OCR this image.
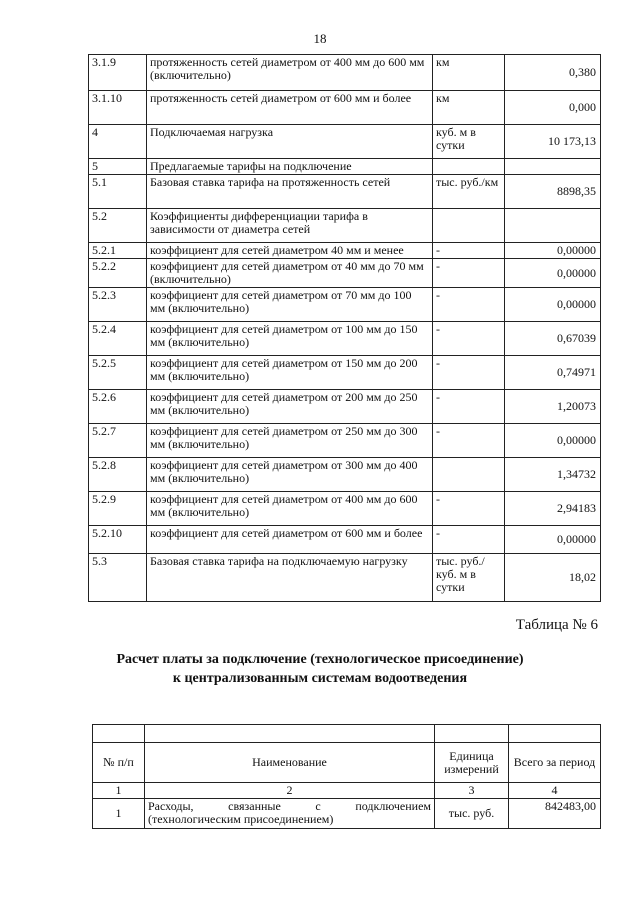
18
3.1.9	протяженность сетей диаметром от 400 мм до 600 мм (включительно)	км	0,380
3.1.10	протяженность сетей диаметром от 600 мм и более	км	0,000
4	Подключаемая нагрузка	куб. м в сутки	10 173,13
5	Предлагаемые тарифы на подключение		
5.1	Базовая ставка тарифа на протяженность сетей	тыс. руб./км	8898,35
5.2	Коэффициенты дифференциации тарифа в зависимости от диаметра сетей		
5.2.1	коэффициент для сетей диаметром 40 мм и менее	-	0,00000
5.2.2	коэффициент для сетей диаметром от 40 мм до 70 мм (включительно)	-	0,00000
5.2.3	коэффициент для сетей диаметром от 70 мм до 100 мм (включительно)	-	0,00000
5.2.4	коэффициент для сетей диаметром от 100 мм до 150 мм (включительно)	-	0,67039
5.2.5	коэффициент для сетей диаметром от 150 мм до 200 мм (включительно)	-	0,74971
5.2.6	коэффициент для сетей диаметром от 200 мм до 250 мм (включительно)	-	1,20073
5.2.7	коэффициент для сетей диаметром от 250 мм до 300 мм (включительно)	-	0,00000
5.2.8	коэффициент для сетей диаметром от 300 мм до 400 мм (включительно)		1,34732
5.2.9	коэффициент для сетей диаметром от 400 мм до 600 мм (включительно)	-	2,94183
5.2.10	коэффициент для сетей диаметром от 600 мм и более	-	0,00000
5.3	Базовая ставка тарифа на подключаемую нагрузку	тыс. руб./ куб. м в сутки	18,02
Таблица № 6
Расчет платы за подключение (технологическое присоединение)
к централизованным системам водоотведения

№ п/п	Наименование	Единица измерений	Всего за период
1	2	3	4
1	Расходы, связанные с подключением (технологическим присоединением)	тыс. руб.	842483,00
